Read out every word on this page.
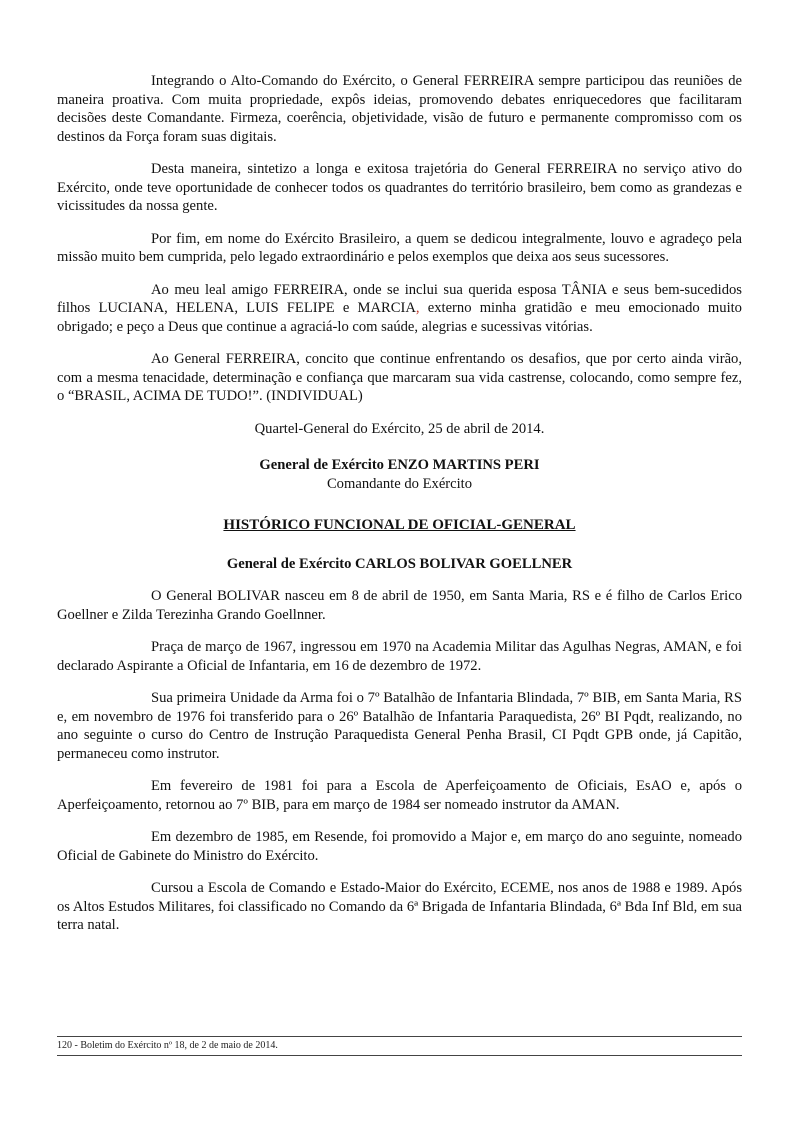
Integrando o Alto-Comando do Exército, o General FERREIRA sempre participou das reuniões de maneira proativa. Com muita propriedade, expôs ideias, promovendo debates enriquecedores que facilitaram decisões deste Comandante. Firmeza, coerência, objetividade, visão de futuro e permanente compromisso com os destinos da Força foram suas digitais.

Desta maneira, sintetizo a longa e exitosa trajetória do General FERREIRA no serviço ativo do Exército, onde teve oportunidade de conhecer todos os quadrantes do território brasileiro, bem como as grandezas e vicissitudes da nossa gente.

Por fim, em nome do Exército Brasileiro, a quem se dedicou integralmente, louvo e agradeço pela missão muito bem cumprida, pelo legado extraordinário e pelos exemplos que deixa aos seus sucessores.

Ao meu leal amigo FERREIRA, onde se inclui sua querida esposa TÂNIA e seus bem-sucedidos filhos LUCIANA, HELENA, LUIS FELIPE e MARCIA, externo minha gratidão e meu emocionado muito obrigado; e peço a Deus que continue a agraciá-lo com saúde, alegrias e sucessivas vitórias.

Ao General FERREIRA, concito que continue enfrentando os desafios, que por certo ainda virão, com a mesma tenacidade, determinação e confiança que marcaram sua vida castrense, colocando, como sempre fez, o “BRASIL, ACIMA DE TUDO!”. (INDIVIDUAL)

Quartel-General do Exército, 25 de abril de 2014.

General de Exército ENZO MARTINS PERI

Comandante do Exército

HISTÓRICO FUNCIONAL DE OFICIAL-GENERAL

General de Exército CARLOS BOLIVAR GOELLNER

O General BOLIVAR nasceu em 8 de abril de 1950, em Santa Maria, RS e é filho de Carlos Erico Goellner e Zilda Terezinha Grando Goellnner.

Praça de março de 1967, ingressou em 1970 na Academia Militar das Agulhas Negras, AMAN, e foi declarado Aspirante a Oficial de Infantaria, em 16 de dezembro de 1972.

Sua primeira Unidade da Arma foi o 7º Batalhão de Infantaria Blindada, 7º BIB, em Santa Maria, RS e, em novembro de 1976 foi transferido para o 26º Batalhão de Infantaria Paraquedista, 26º BI Pqdt, realizando, no ano seguinte o curso do Centro de Instrução Paraquedista General Penha Brasil, CI Pqdt GPB onde, já Capitão, permaneceu como instrutor.

Em fevereiro de 1981 foi para a Escola de Aperfeiçoamento de Oficiais, EsAO e, após o Aperfeiçoamento, retornou ao 7º BIB, para em março de 1984 ser nomeado instrutor da AMAN.

Em dezembro de 1985, em Resende, foi promovido a Major e, em março do ano seguinte, nomeado Oficial de Gabinete do Ministro do Exército.

Cursou a Escola de Comando e Estado-Maior do Exército, ECEME, nos anos de 1988 e 1989. Após os Altos Estudos Militares, foi classificado no Comando da 6ª Brigada de Infantaria Blindada, 6ª Bda Inf Bld, em sua terra natal.

120 - Boletim do Exército nº 18, de 2 de maio de 2014.
